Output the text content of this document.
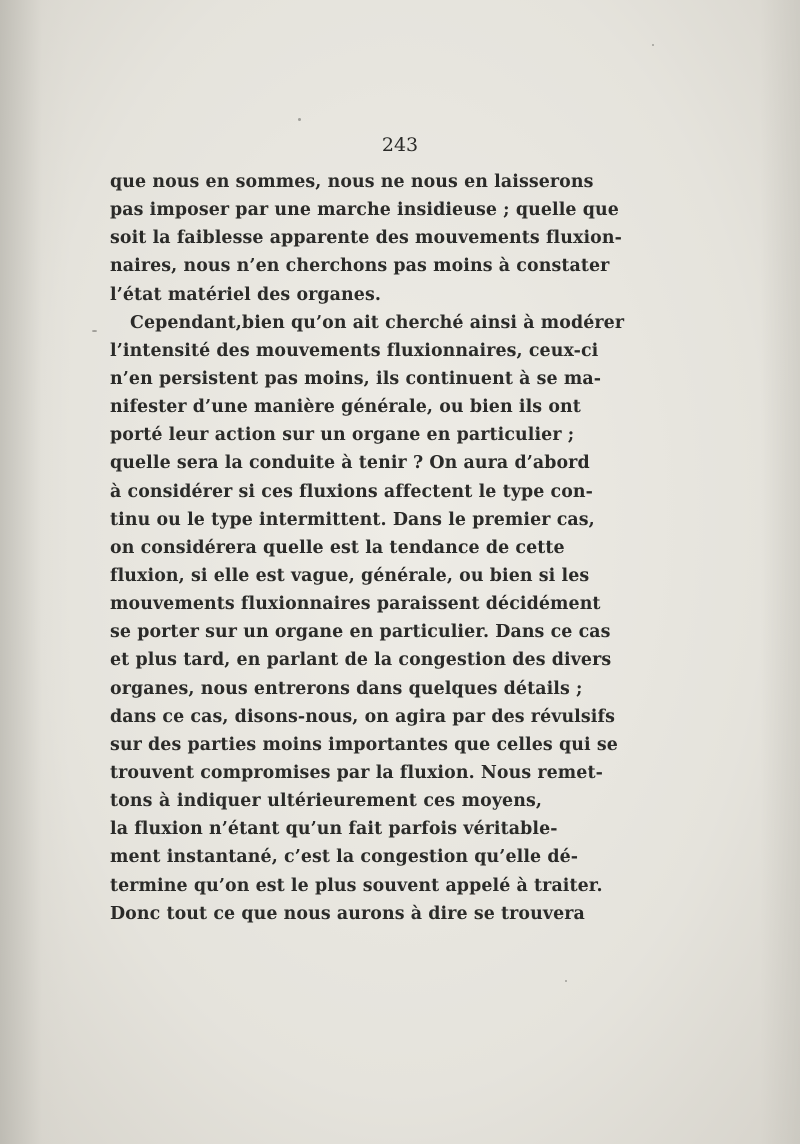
243

que nous en sommes, nous ne nous en laisserons
pas imposer par une marche insidieuse ; quelle que
soit la faiblesse apparente des mouvements fluxion-
naires, nous n’en cherchons pas moins à constater
l’état matériel des organes.
Cependant,bien qu’on ait cherché ainsi à modérer
l’intensité des mouvements fluxionnaires, ceux-ci
n’en persistent pas moins, ils continuent à se ma-
nifester d’une manière générale, ou bien ils ont
porté leur action sur un organe en particulier ;
quelle sera la conduite à tenir ? On aura d’abord
à considérer si ces fluxions affectent le type con-
tinu ou le type intermittent. Dans le premier cas,
on considérera quelle est la tendance de cette
fluxion, si elle est vague, générale, ou bien si les
mouvements fluxionnaires paraissent décidément
se porter sur un organe en particulier. Dans ce cas
et plus tard, en parlant de la congestion des divers
organes, nous entrerons dans quelques détails ;
dans ce cas, disons-nous, on agira par des révulsifs
sur des parties moins importantes que celles qui se
trouvent compromises par la fluxion. Nous remet-
tons à indiquer ultérieurement ces moyens,
la fluxion n’étant qu’un fait parfois véritable-
ment instantané, c’est la congestion qu’elle dé-
termine qu’on est le plus souvent appelé à traiter.
Donc tout ce que nous aurons à dire se trouvera
